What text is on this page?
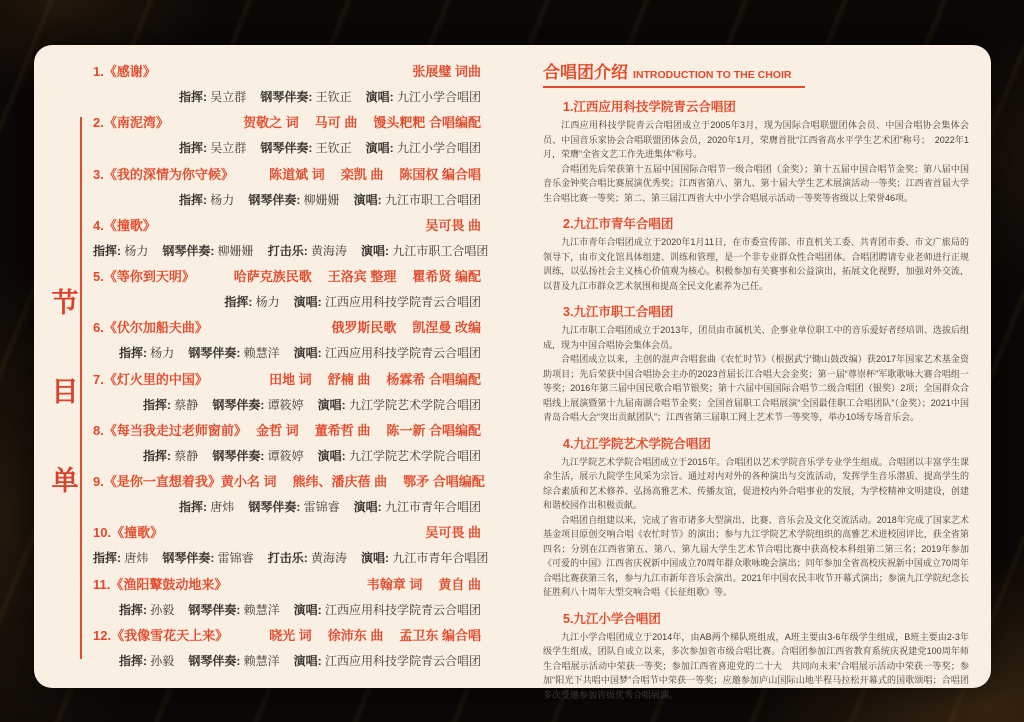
节
目
单
1.《感谢》	张展璧 词曲
指挥: 吴立群 钢琴伴奏: 王钦正 演唱: 九江小学合唱团
2.《南泥湾》	贺敬之 词 马可 曲 馒头粑粑 合唱编配
指挥: 吴立群 钢琴伴奏: 王钦正 演唱: 九江小学合唱团
3.《我的深情为你守候》	陈道斌 词 栾凯 曲 陈国权 编合唱
指挥: 杨力 钢琴伴奏: 柳姗姗 演唱: 九江市职工合唱团
4.《撞歌》	吴可畏 曲
指挥: 杨力 钢琴伴奏: 柳姗姗 打击乐: 黄海涛 演唱: 九江市职工合唱团
5.《等你到天明》	哈萨克族民歌 王洛宾 整理 瞿希贤 编配
指挥: 杨力 演唱: 江西应用科技学院青云合唱团
6.《伏尔加船夫曲》	俄罗斯民歌 凯涅曼 改编
指挥: 杨力 钢琴伴奏: 赖慧洋 演唱: 江西应用科技学院青云合唱团
7.《灯火里的中国》	田地 词 舒楠 曲 杨霖希 合唱编配
指挥: 蔡静 钢琴伴奏: 谭筱婷 演唱: 九江学院艺术学院合唱团
8.《每当我走过老师窗前》 金哲 词 董希哲 曲 陈一新 合唱编配
指挥: 蔡静 钢琴伴奏: 谭筱婷 演唱: 九江学院艺术学院合唱团
9.《是你一直想着我》 黄小名 词 熊纬、潘庆蓓 曲 鄂矛 合唱编配
指挥: 唐炜 钢琴伴奏: 雷锦睿 演唱: 九江市青年合唱团
10.《撞歌》	吴可畏 曲
指挥: 唐炜 钢琴伴奏: 雷锦睿 打击乐: 黄海涛 演唱: 九江市青年合唱团
11.《渔阳鼙鼓动地来》	韦翰章 词 黄自 曲
指挥: 孙毅 钢琴伴奏: 赖慧洋 演唱: 江西应用科技学院青云合唱团
12.《我像雪花天上来》	晓光 词 徐沛东 曲 孟卫东 编合唱
指挥: 孙毅 钢琴伴奏: 赖慧洋 演唱: 江西应用科技学院青云合唱团
合唱团介绍 INTRODUCTION TO THE CHOIR
1.江西应用科技学院青云合唱团

江西应用科技学院青云合唱团成立于2005年3月，现为国际合唱联盟团体会员、中国合唱协会集体会员、中国音乐家协会合唱联盟团体会员，2020年1月，荣膺首批“江西省高水平学生艺术团”称号；　2022年1月，荣膺“全省文艺工作先进集体”称号。

合唱团先后荣获第十五届中国国际合唱节一级合唱团（金奖）；第十五届中国合唱节金奖；第八届中国音乐金钟奖合唱比赛展演优秀奖；江西省第八、第九、第十届大学生艺术展演活动一等奖；江西省首届大学生合唱比赛一等奖；第二、第三届江西省大中小学合唱展示活动一等奖等省级以上荣誉46项。

2.九江市青年合唱团

九江市青年合唱团成立于2020年1月11日，在市委宣传部、市直机关工委、共青团市委、市文广旅局的领导下，由市文化馆具体组建、训练和管理，是一个非专业群众性合唱团体。合唱团聘请专业老师进行正规训练，以弘扬社会主义核心价值观为核心。积极参加有关赛事和公益演出，拓展文化视野，加强对外交流，以普及九江市群众艺术氛围和提高全民文化素养为己任。

3.九江市职工合唱团

九江市职工合唱团成立于2013年，团员由市属机关、企事业单位职工中的音乐爱好者经培训、选拔后组成，现为中国合唱协会集体会员。

合唱团成立以来，主创的混声合唱套曲《农忙时节》（根据武宁锄山鼓改编）获2017年国家艺术基金资助项目；先后荣获中国合唱协会主办的2023首届长江合唱大会金奖；第一届“尊崇杯”军歌歌咏大赛合唱组一等奖；2016年第三届中国民歌合唱节银奖；第十六届中国国际合唱节二级合唱团（银奖）2项；全国群众合唱线上展演暨第十九届南湖合唱节金奖；全国首届职工合唱展演“全国最佳职工合唱团队”（金奖）；2021中国青岛合唱大会“突出贡献团队”；江西省第三届职工网上艺术节一等奖等，举办10场专场音乐会。

4.九江学院艺术学院合唱团

九江学院艺术学院合唱团成立于2015年。合唱团以艺术学院音乐学专业学生组成。合唱团以丰富学生课余生活，展示九院学生风采为宗旨。通过对内对外的各种演出与交流活动，发挥学生音乐潜质、提高学生的综合素质和艺术修养、弘扬高雅艺术、传播友谊，促进校内外合唱事业的发展，为学校精神文明建设，创建和谐校园作出积极贡献。

合唱团自组建以来，完成了省市诸多大型演出、比赛、音乐会及文化交流活动。2018年完成了国家艺术基金项目原创交响合唱《农忙时节》的演出；参与九江学院艺术学院组织的高雅艺术进校园评比，获全省第四名；分别在江西省第五、第八、第九届大学生艺术节合唱比赛中获高校本科组第二第三名；2019年参加《可爱的中国》江西省庆祝新中国成立70周年群众歌咏晚会演出；同年参加全省高校庆祝新中国成立70周年合唱比赛获第三名，参与九江市新年音乐会演出。2021年中国农民丰收节开幕式演出；参演九江学院纪念长征胜利八十周年大型交响合唱《长征组歌》等。

5.九江小学合唱团

九江小学合唱团成立于2014年，由AB两个梯队班组成，A班主要由3-6年级学生组成，B班主要由2-3年级学生组成，团队自成立以来，多次参加省市级合唱比赛。合唱团参加江西省教育系统庆祝建党100周年师生合唱展示活动中荣获一等奖；参加江西省喜迎党的二十大　共同向未来”合唱展示活动中荣获一等奖；参加“阳光下共唱中国梦”合唱节中荣获一等奖；应邀参加庐山国际山地半程马拉松开幕式的国歌颂唱；合唱团多次受邀参加省级优秀合唱展演。
